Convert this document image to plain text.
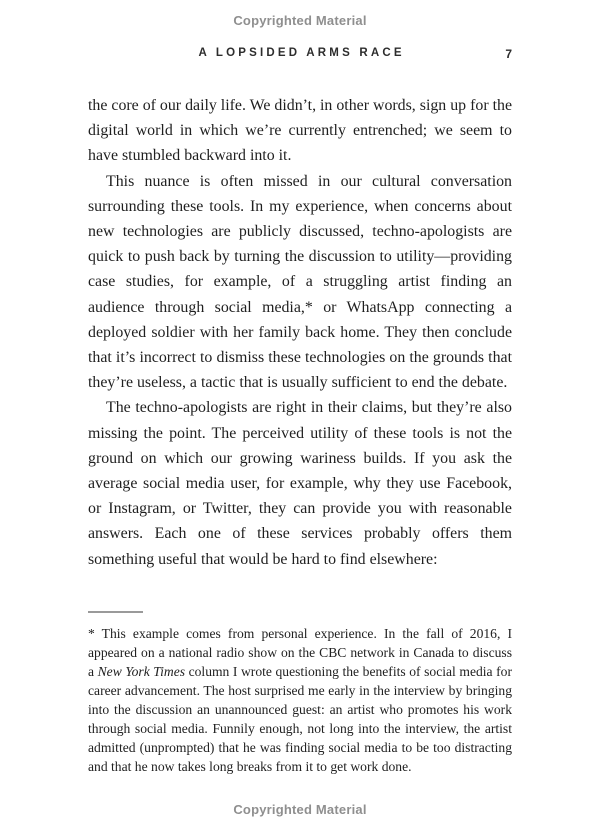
Copyrighted Material
A LOPSIDED ARMS RACE	7

the core of our daily life. We didn’t, in other words, sign up for the digital world in which we’re currently entrenched; we seem to have stumbled backward into it.

This nuance is often missed in our cultural conversation surrounding these tools. In my experience, when concerns about new technologies are publicly discussed, techno-apologists are quick to push back by turning the discussion to utility—providing case studies, for example, of a struggling artist finding an audience through social media,* or WhatsApp connecting a deployed soldier with her family back home. They then conclude that it’s incorrect to dismiss these technologies on the grounds that they’re useless, a tactic that is usually sufficient to end the debate.

The techno-apologists are right in their claims, but they’re also missing the point. The perceived utility of these tools is not the ground on which our growing wariness builds. If you ask the average social media user, for example, why they use Facebook, or Instagram, or Twitter, they can provide you with reasonable answers. Each one of these services probably offers them something useful that would be hard to find elsewhere:

* This example comes from personal experience. In the fall of 2016, I appeared on a national radio show on the CBC network in Canada to discuss a New York Times column I wrote questioning the benefits of social media for career advancement. The host surprised me early in the interview by bringing into the discussion an unannounced guest: an artist who promotes his work through social media. Funnily enough, not long into the interview, the artist admitted (unprompted) that he was finding social media to be too distracting and that he now takes long breaks from it to get work done.

Copyrighted Material
